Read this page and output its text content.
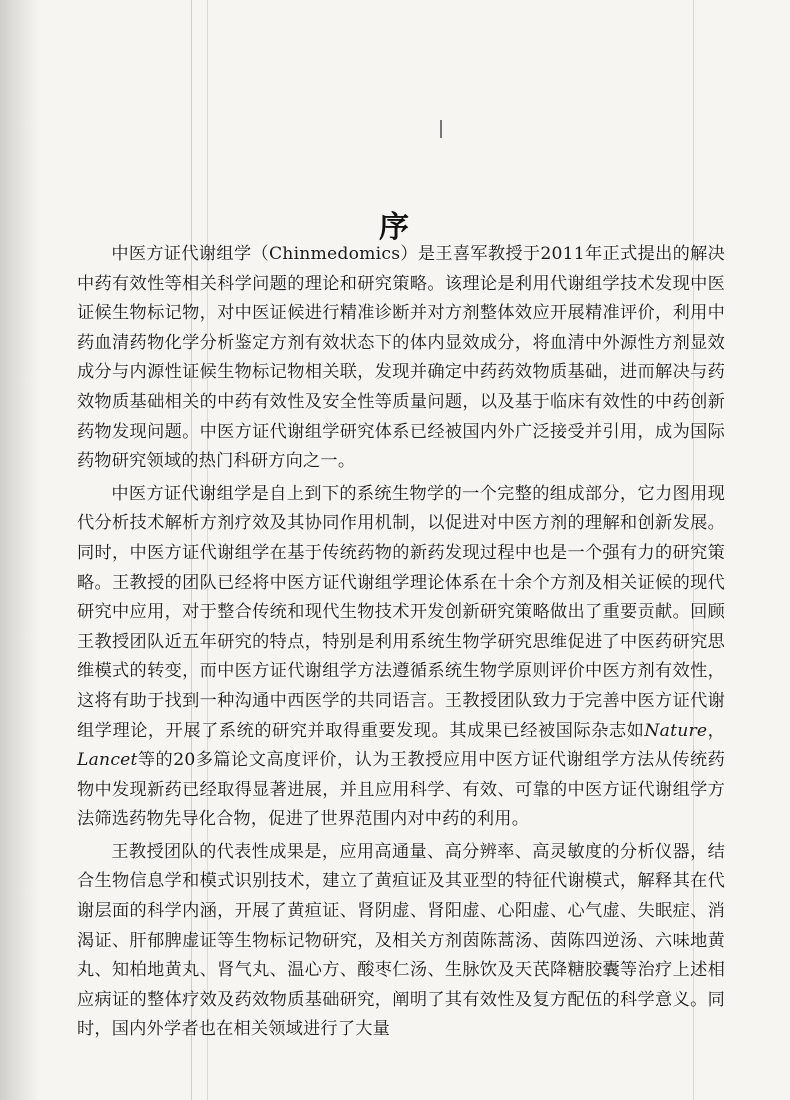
序

中医方证代谢组学（Chinmedomics）是王喜军教授于2011年正式提出的解决中药有效性等相关科学问题的理论和研究策略。该理论是利用代谢组学技术发现中医证候生物标记物，对中医证候进行精准诊断并对方剂整体效应开展精准评价，利用中药血清药物化学分析鉴定方剂有效状态下的体内显效成分，将血清中外源性方剂显效成分与内源性证候生物标记物相关联，发现并确定中药药效物质基础，进而解决与药效物质基础相关的中药有效性及安全性等质量问题，以及基于临床有效性的中药创新药物发现问题。中医方证代谢组学研究体系已经被国内外广泛接受并引用，成为国际药物研究领域的热门科研方向之一。

中医方证代谢组学是自上到下的系统生物学的一个完整的组成部分，它力图用现代分析技术解析方剂疗效及其协同作用机制，以促进对中医方剂的理解和创新发展。同时，中医方证代谢组学在基于传统药物的新药发现过程中也是一个强有力的研究策略。王教授的团队已经将中医方证代谢组学理论体系在十余个方剂及相关证候的现代研究中应用，对于整合传统和现代生物技术开发创新研究策略做出了重要贡献。回顾王教授团队近五年研究的特点，特别是利用系统生物学研究思维促进了中医药研究思维模式的转变，而中医方证代谢组学方法遵循系统生物学原则评价中医方剂有效性，这将有助于找到一种沟通中西医学的共同语言。王教授团队致力于完善中医方证代谢组学理论，开展了系统的研究并取得重要发现。其成果已经被国际杂志如Nature，Lancet等的20多篇论文高度评价，认为王教授应用中医方证代谢组学方法从传统药物中发现新药已经取得显著进展，并且应用科学、有效、可靠的中医方证代谢组学方法筛选药物先导化合物，促进了世界范围内对中药的利用。

王教授团队的代表性成果是，应用高通量、高分辨率、高灵敏度的分析仪器，结合生物信息学和模式识别技术，建立了黄疸证及其亚型的特征代谢模式，解释其在代谢层面的科学内涵，开展了黄疸证、肾阴虚、肾阳虚、心阳虚、心气虚、失眠症、消渴证、肝郁脾虚证等生物标记物研究，及相关方剂茵陈蒿汤、茵陈四逆汤、六味地黄丸、知柏地黄丸、肾气丸、温心方、酸枣仁汤、生脉饮及天芪降糖胶囊等治疗上述相应病证的整体疗效及药效物质基础研究，阐明了其有效性及复方配伍的科学意义。同时，国内外学者也在相关领域进行了大量
